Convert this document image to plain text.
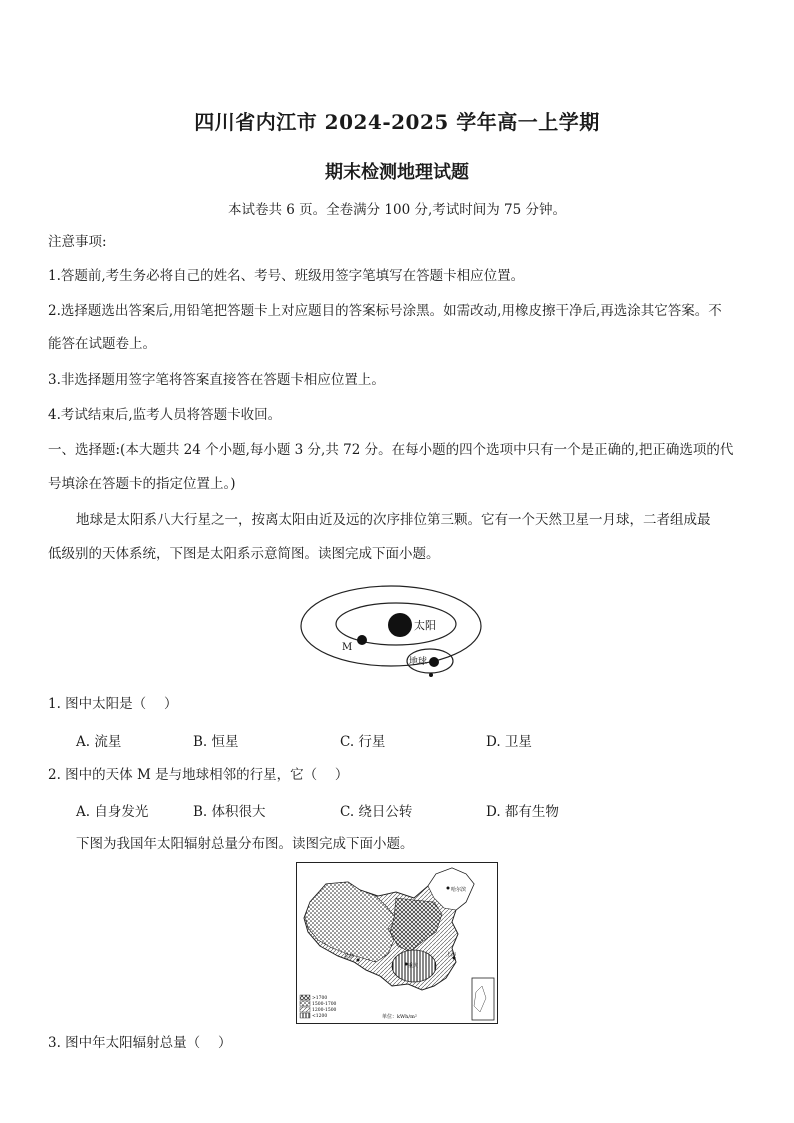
四川省内江市 2024-2025 学年高一上学期
期末检测地理试题
本试卷共 6 页。全卷满分 100 分,考试时间为 75 分钟。
注意事项:
1.答题前,考生务必将自己的姓名、考号、班级用签字笔填写在答题卡相应位置。
2.选择题选出答案后,用铅笔把答题卡上对应题目的答案标号涂黑。如需改动,用橡皮擦干净后,再选涂其它答案。不
能答在试题卷上。
3.非选择题用签字笔将答案直接答在答题卡相应位置上。
4.考试结束后,监考人员将答题卡收回。
一、选择题:(本大题共 24 个小题,每小题 3 分,共 72 分。在每小题的四个选项中只有一个是正确的,把正确选项的代
号填涂在答题卡的指定位置上。)
地球是太阳系八大行星之一，按离太阳由近及远的次序排位第三颗。它有一个天然卫星一月球，二者组成最
低级别的天体系统，下图是太阳系示意简图。读图完成下面小题。
太阳
M
地球
1. 图中太阳是（　 ）
A. 流星	B. 恒星	C. 行星	D. 卫星
2. 图中的天体 M 是与地球相邻的行星，它（　 ）
A. 自身发光	B. 体积很大	C. 绕日公转	D. 都有生物
下图为我国年太阳辐射总量分布图。读图完成下面小题。
哈尔滨
重庆
上海
拉萨
>1700
1500-1700
1200-1500
<1200	单位：kWh/m²
3. 图中年太阳辐射总量（　 ）
